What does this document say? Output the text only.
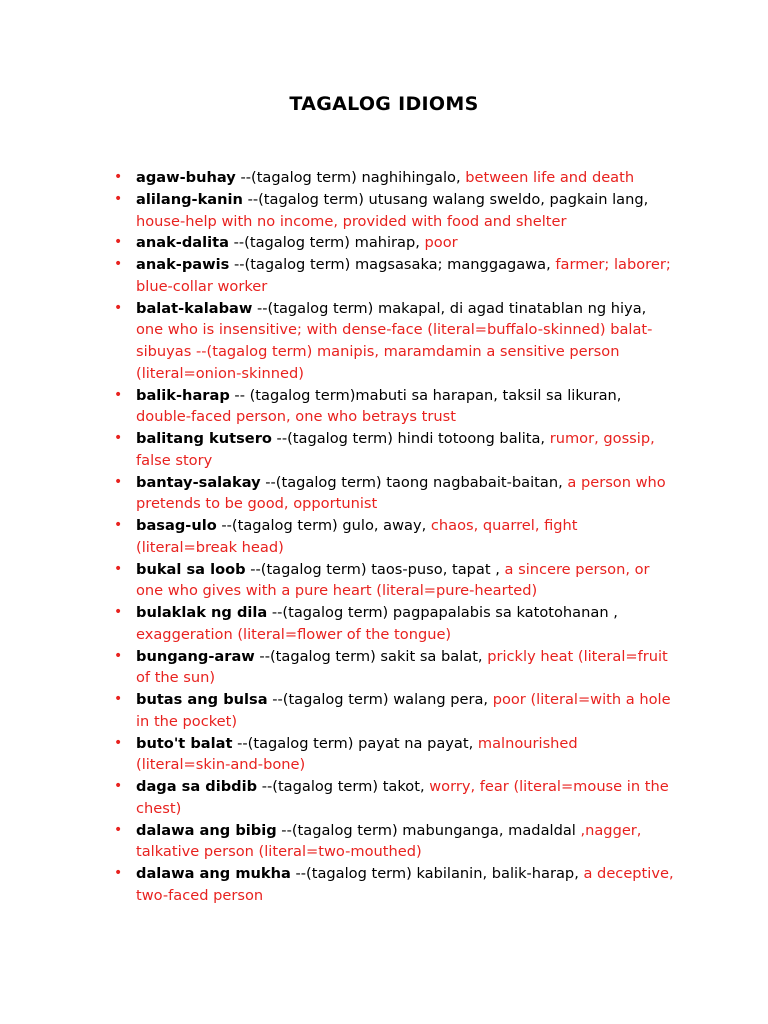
TAGALOG IDIOMS
• agaw-buhay --(tagalog term) naghihingalo, between life and death
• alilang-kanin --(tagalog term) utusang walang sweldo, pagkain lang, house-help with no income, provided with food and shelter
• anak-dalita --(tagalog term) mahirap, poor
• anak-pawis --(tagalog term) magsasaka; manggagawa, farmer; laborer; blue-collar worker
• balat-kalabaw --(tagalog term) makapal, di agad tinatablan ng hiya, one who is insensitive; with dense-face (literal=buffalo-skinned) balat-sibuyas --(tagalog term) manipis, maramdamin a sensitive person (literal=onion-skinned)
• balik-harap -- (tagalog term)mabuti sa harapan, taksil sa likuran, double-faced person, one who betrays trust
• balitang kutsero --(tagalog term) hindi totoong balita, rumor, gossip, false story
• bantay-salakay --(tagalog term) taong nagbabait-baitan, a person who pretends to be good, opportunist
• basag-ulo --(tagalog term) gulo, away, chaos, quarrel, fight (literal=break head)
• bukal sa loob --(tagalog term) taos-puso, tapat , a sincere person, or one who gives with a pure heart (literal=pure-hearted)
• bulaklak ng dila --(tagalog term) pagpapalabis sa katotohanan , exaggeration (literal=flower of the tongue)
• bungang-araw --(tagalog term) sakit sa balat, prickly heat (literal=fruit of the sun)
• butas ang bulsa --(tagalog term) walang pera, poor (literal=with a hole in the pocket)
• buto't balat --(tagalog term) payat na payat, malnourished (literal=skin-and-bone)
• daga sa dibdib --(tagalog term) takot, worry, fear (literal=mouse in the chest)
• dalawa ang bibig --(tagalog term) mabunganga, madaldal ,nagger, talkative person (literal=two-mouthed)
• dalawa ang mukha --(tagalog term) kabilanin, balik-harap, a deceptive, two-faced person
